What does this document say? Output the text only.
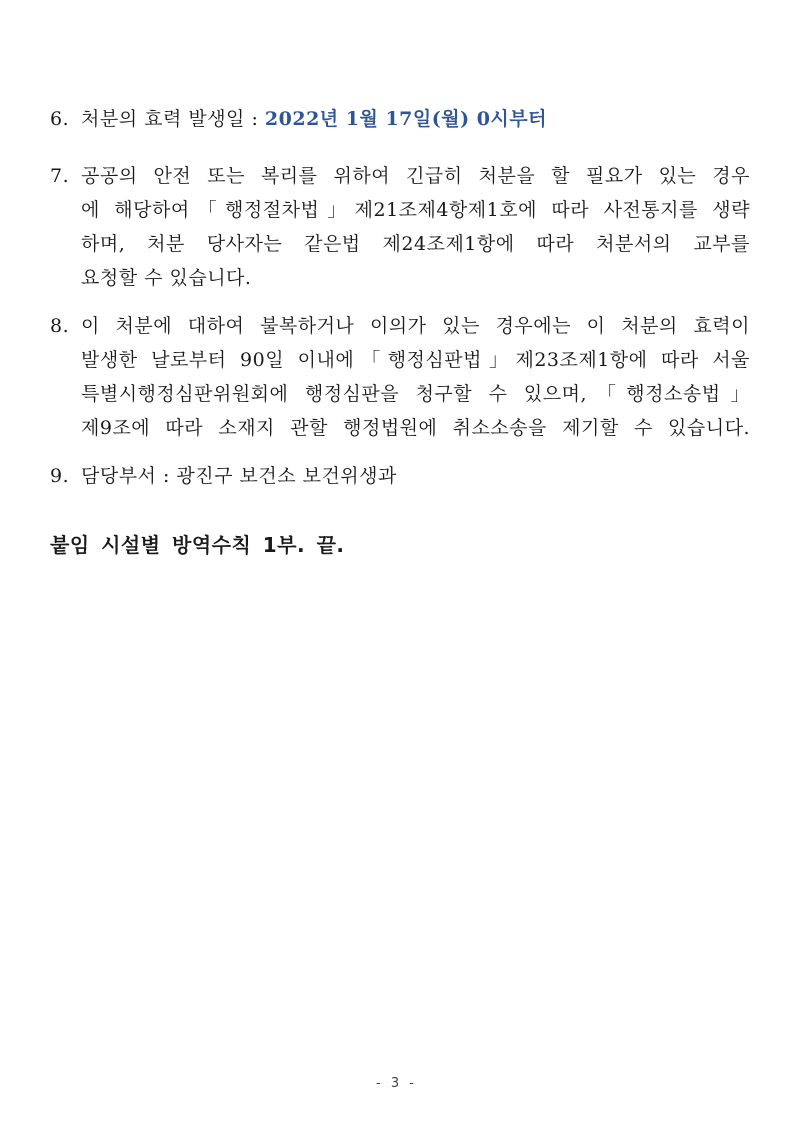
6. 처분의 효력 발생일 : 2022년 1월 17일(월) 0시부터
7. 공공의 안전 또는 복리를 위하여 긴급히 처분을 할 필요가 있는 경우
에 해당하여「행정절차법」제21조제4항제1호에 따라 사전통지를 생략
하며, 처분 당사자는 같은법 제24조제1항에 따라 처분서의 교부를
요청할 수 있습니다.
8. 이 처분에 대하여 불복하거나 이의가 있는 경우에는 이 처분의 효력이
발생한 날로부터 90일 이내에「행정심판법」제23조제1항에 따라 서울
특별시행정심판위원회에 행정심판을 청구할 수 있으며,「행정소송법」
제9조에 따라 소재지 관할 행정법원에 취소소송을 제기할 수 있습니다.
9. 담당부서 : 광진구 보건소 보건위생과
붙임 시설별 방역수칙 1부. 끝.
- 3 -
